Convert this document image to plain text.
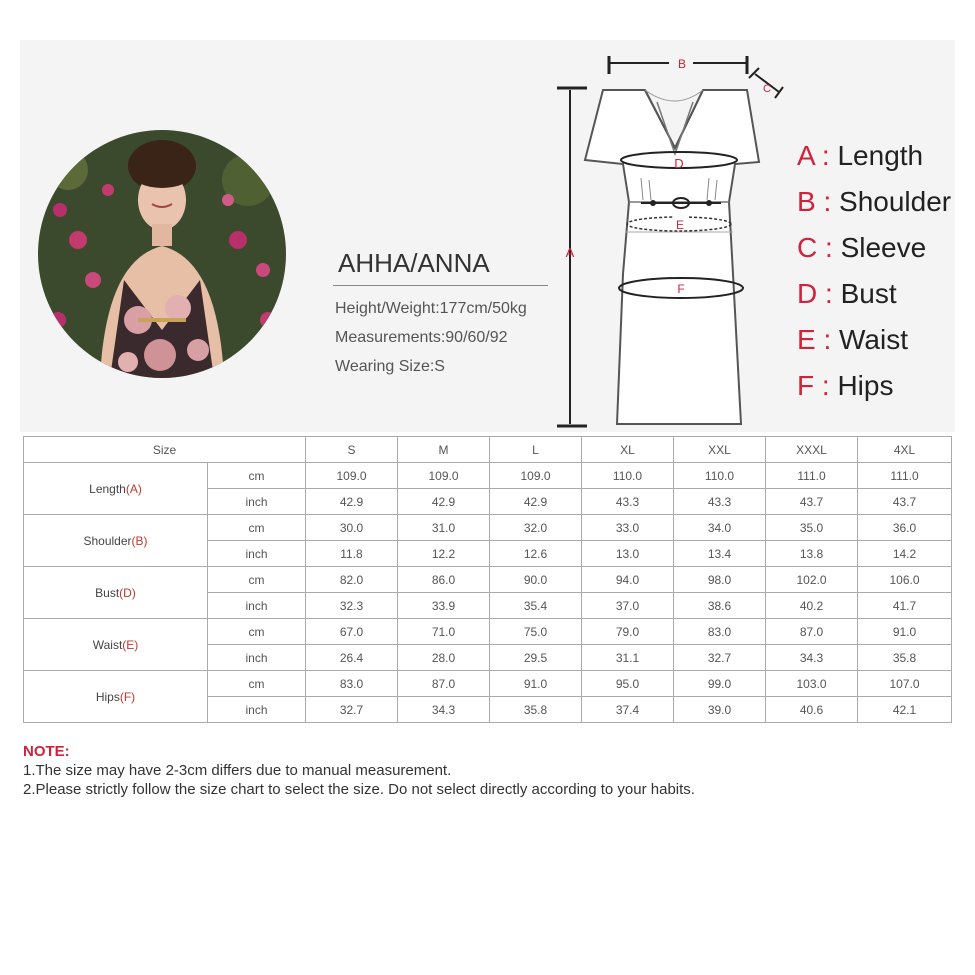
AHHA/ANNA

Height/Weight:177cm/50kg

Measurements:90/60/92

Wearing Size:S

A
B
C
D
E
F
A : Length
B : Shoulder
C : Sleeve
D : Bust
E : Waist
F : Hips
Size		S	M	L	XL	XXL	XXXL	4XL
Length(A)	cm	109.0	109.0	109.0	110.0	110.0	111.0	111.0
	inch	42.9	42.9	42.9	43.3	43.3	43.7	43.7
Shoulder(B)	cm	30.0	31.0	32.0	33.0	34.0	35.0	36.0
	inch	11.8	12.2	12.6	13.0	13.4	13.8	14.2
Bust(D)	cm	82.0	86.0	90.0	94.0	98.0	102.0	106.0
	inch	32.3	33.9	35.4	37.0	38.6	40.2	41.7
Waist(E)	cm	67.0	71.0	75.0	79.0	83.0	87.0	91.0
	inch	26.4	28.0	29.5	31.1	32.7	34.3	35.8
Hips(F)	cm	83.0	87.0	91.0	95.0	99.0	103.0	107.0
	inch	32.7	34.3	35.8	37.4	39.0	40.6	42.1

NOTE:

1.The size may have 2-3cm differs due to manual measurement.

2.Please strictly follow the size chart to select the size. Do not select directly according to your habits.
